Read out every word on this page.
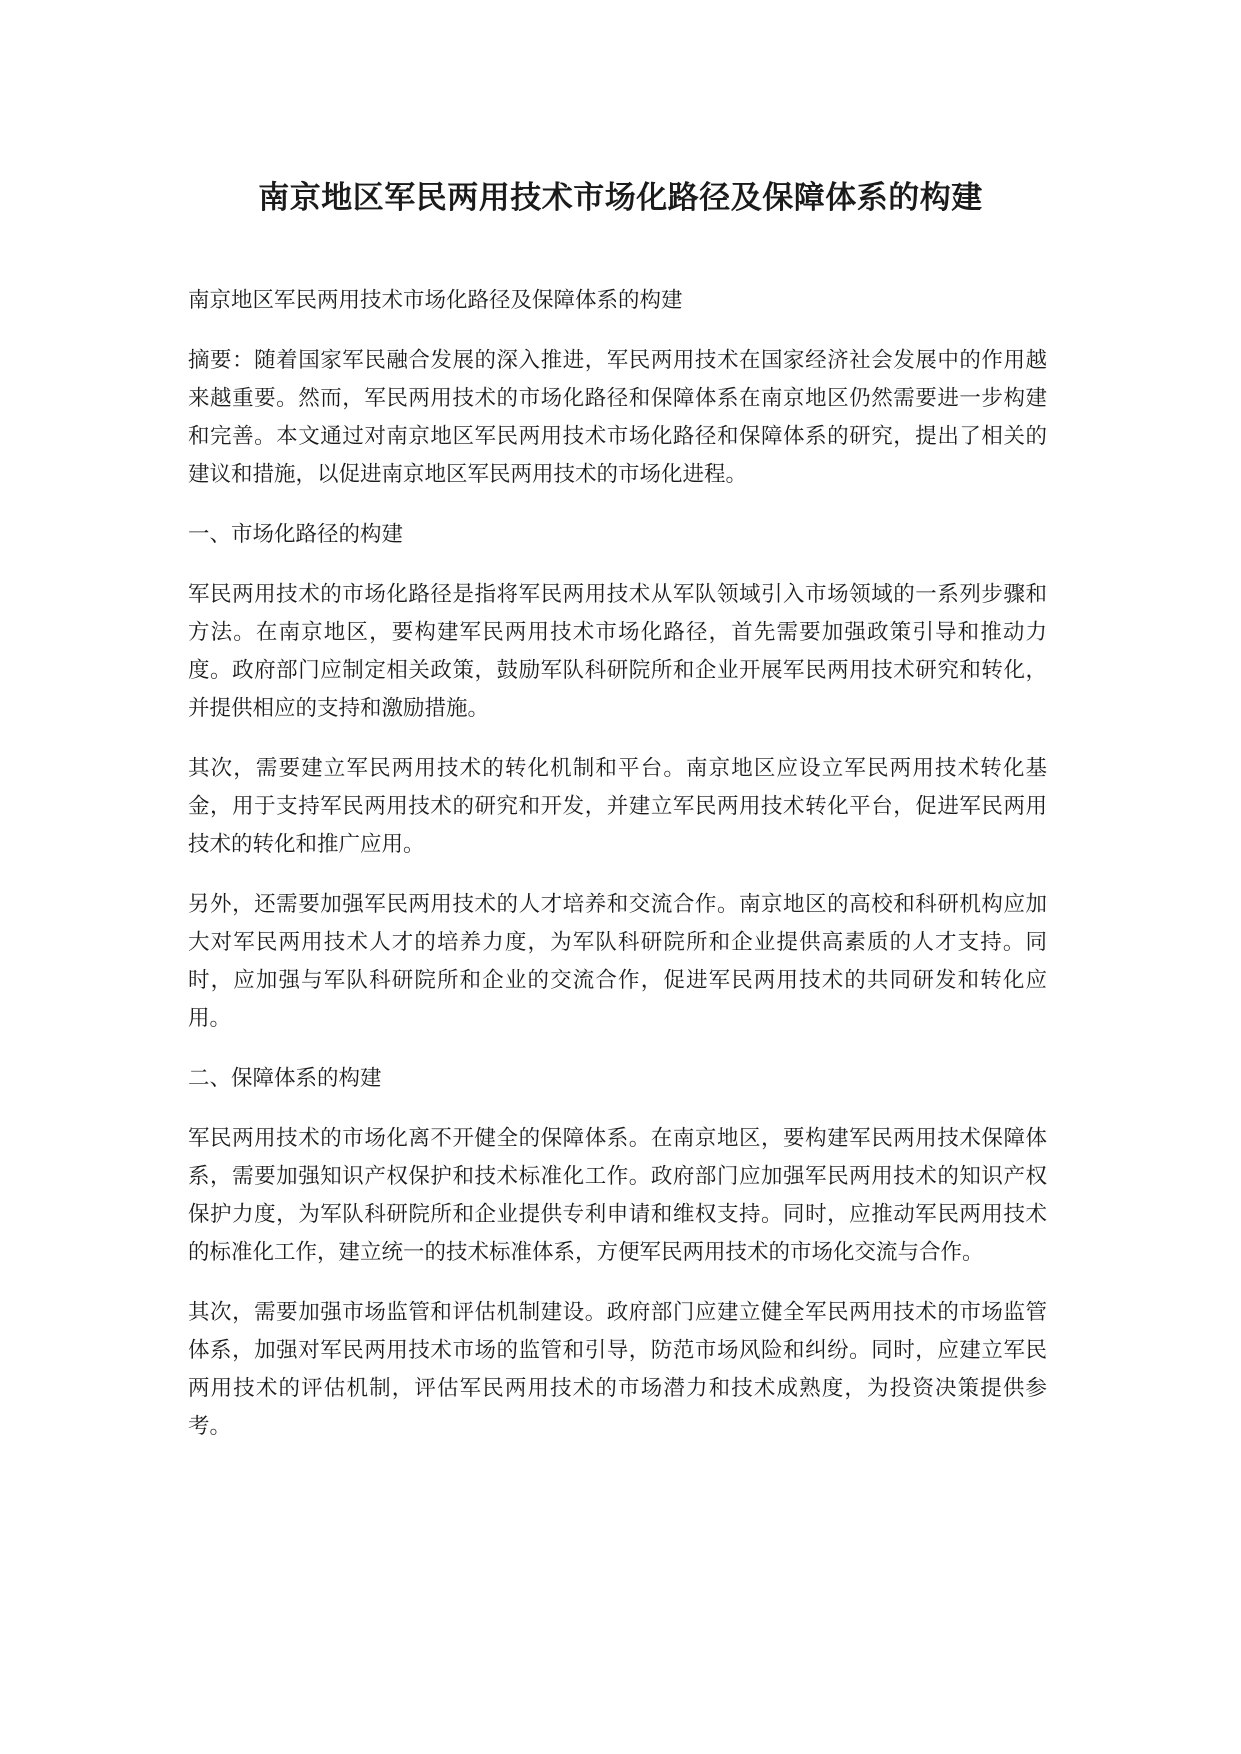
南京地区军民两用技术市场化路径及保障体系的构建

南京地区军民两用技术市场化路径及保障体系的构建

摘要：随着国家军民融合发展的深入推进，军民两用技术在国家经济社会发展中的作用越来越重要。然而，军民两用技术的市场化路径和保障体系在南京地区仍然需要进一步构建和完善。本文通过对南京地区军民两用技术市场化路径和保障体系的研究，提出了相关的建议和措施，以促进南京地区军民两用技术的市场化进程。

一、市场化路径的构建

军民两用技术的市场化路径是指将军民两用技术从军队领域引入市场领域的一系列步骤和方法。在南京地区，要构建军民两用技术市场化路径，首先需要加强政策引导和推动力度。政府部门应制定相关政策，鼓励军队科研院所和企业开展军民两用技术研究和转化，并提供相应的支持和激励措施。

其次，需要建立军民两用技术的转化机制和平台。南京地区应设立军民两用技术转化基金，用于支持军民两用技术的研究和开发，并建立军民两用技术转化平台，促进军民两用技术的转化和推广应用。

另外，还需要加强军民两用技术的人才培养和交流合作。南京地区的高校和科研机构应加大对军民两用技术人才的培养力度，为军队科研院所和企业提供高素质的人才支持。同时，应加强与军队科研院所和企业的交流合作，促进军民两用技术的共同研发和转化应用。

二、保障体系的构建

军民两用技术的市场化离不开健全的保障体系。在南京地区，要构建军民两用技术保障体系，需要加强知识产权保护和技术标准化工作。政府部门应加强军民两用技术的知识产权保护力度，为军队科研院所和企业提供专利申请和维权支持。同时，应推动军民两用技术的标准化工作，建立统一的技术标准体系，方便军民两用技术的市场化交流与合作。

其次，需要加强市场监管和评估机制建设。政府部门应建立健全军民两用技术的市场监管体系，加强对军民两用技术市场的监管和引导，防范市场风险和纠纷。同时，应建立军民两用技术的评估机制，评估军民两用技术的市场潜力和技术成熟度，为投资决策提供参考。
